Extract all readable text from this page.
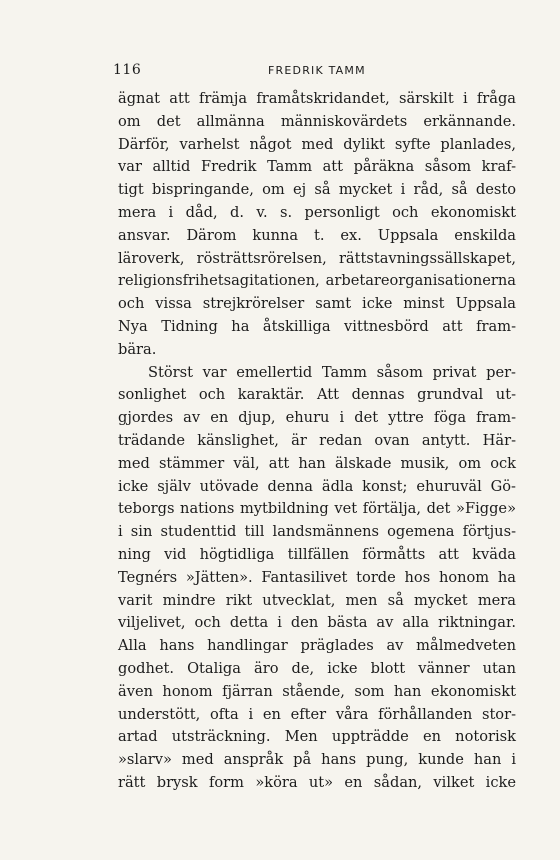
116	FREDRIK TAMM
ägnat att främja framåtskridandet, särskilt i fråga
om det allmänna människovärdets erkännande.
Därför, varhelst något med dylikt syfte planlades,
var alltid Fredrik Tamm att påräkna såsom kraf-
tigt bispringande, om ej så mycket i råd, så desto
mera i dåd, d. v. s. personligt och ekonomiskt
ansvar. Därom kunna t. ex. Uppsala enskilda
läroverk, rösträttsrörelsen, rättstavningssällskapet,
religionsfrihetsagitationen, arbetareorganisationerna
och vissa strejkrörelser samt icke minst Uppsala
Nya Tidning ha åtskilliga vittnesbörd att fram-
bära.
Störst var emellertid Tamm såsom privat per-
sonlighet och karaktär. Att dennas grundval ut-
gjordes av en djup, ehuru i det yttre föga fram-
trädande känslighet, är redan ovan antytt. Här-
med stämmer väl, att han älskade musik, om ock
icke själv utövade denna ädla konst; ehuruväl Gö-
teborgs nations mytbildning vet förtälja, det »Figge»
i sin studenttid till landsmännens ogemena förtjus-
ning vid högtidliga tillfällen förmåtts att kväda
Tegnérs »Jätten». Fantasilivet torde hos honom ha
varit mindre rikt utvecklat, men så mycket mera
viljelivet, och detta i den bästa av alla riktningar.
Alla hans handlingar präglades av målmedveten
godhet. Otaliga äro de, icke blott vänner utan
även honom fjärran stående, som han ekonomiskt
understött, ofta i en efter våra förhållanden stor-
artad utsträckning. Men uppträdde en notorisk
»slarv» med anspråk på hans pung, kunde han i
rätt brysk form »köra ut» en sådan, vilket icke
